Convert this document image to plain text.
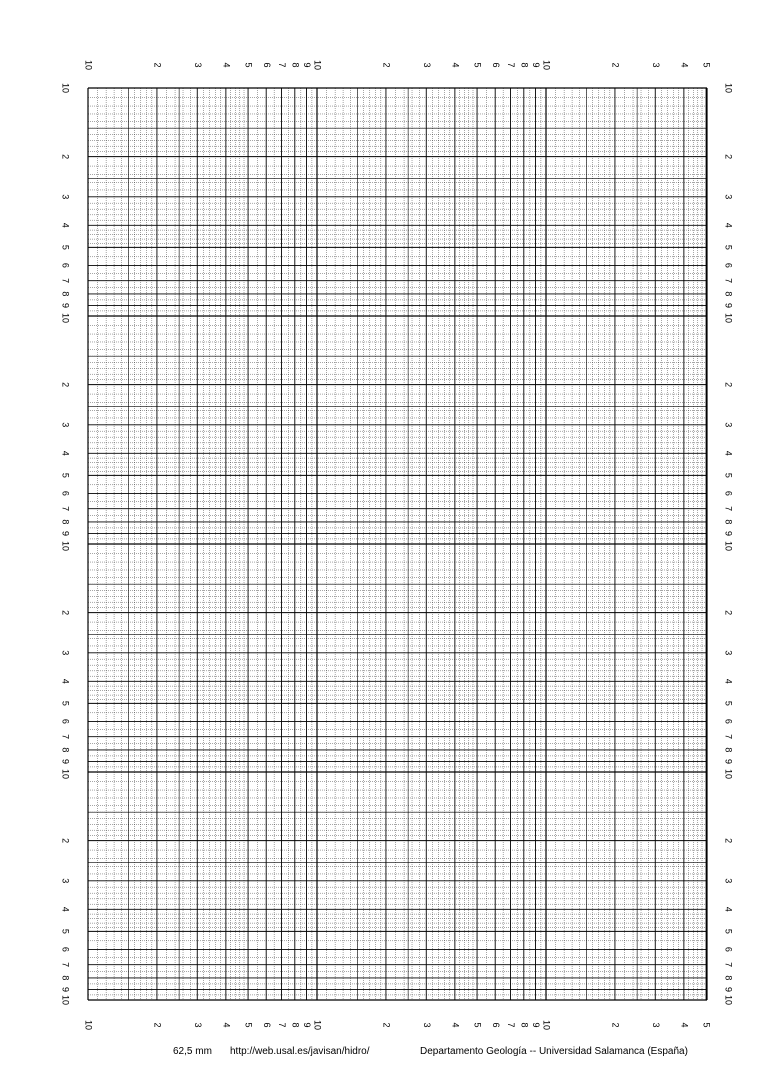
10	10
2	2
3	3
4	4
5	5
6	6
7	7
8	8
9	9
10	10
2	2
3	3
4	4
5	5
6	6
7	7
8	8
9	9
10	10
2	2
3	3
4	4
5	5
6	6
7	7
8	8
9	9
10	10
2	2
3	3
4	4
5	5
6	6
7	7
8	8
9	9
10	10
10
10
2
2
3
3
4
4
5
5
6
6
7
7
8
8
9
9
10
10
2
2
3
3
4
4
5
5
6
6
7
7
8
8
9
9
10
10
2
2
3
3
4
4
5
5
62,5 mm http://web.usal.es/javisan/hidro/	Departamento Geología -- Universidad Salamanca (España)
